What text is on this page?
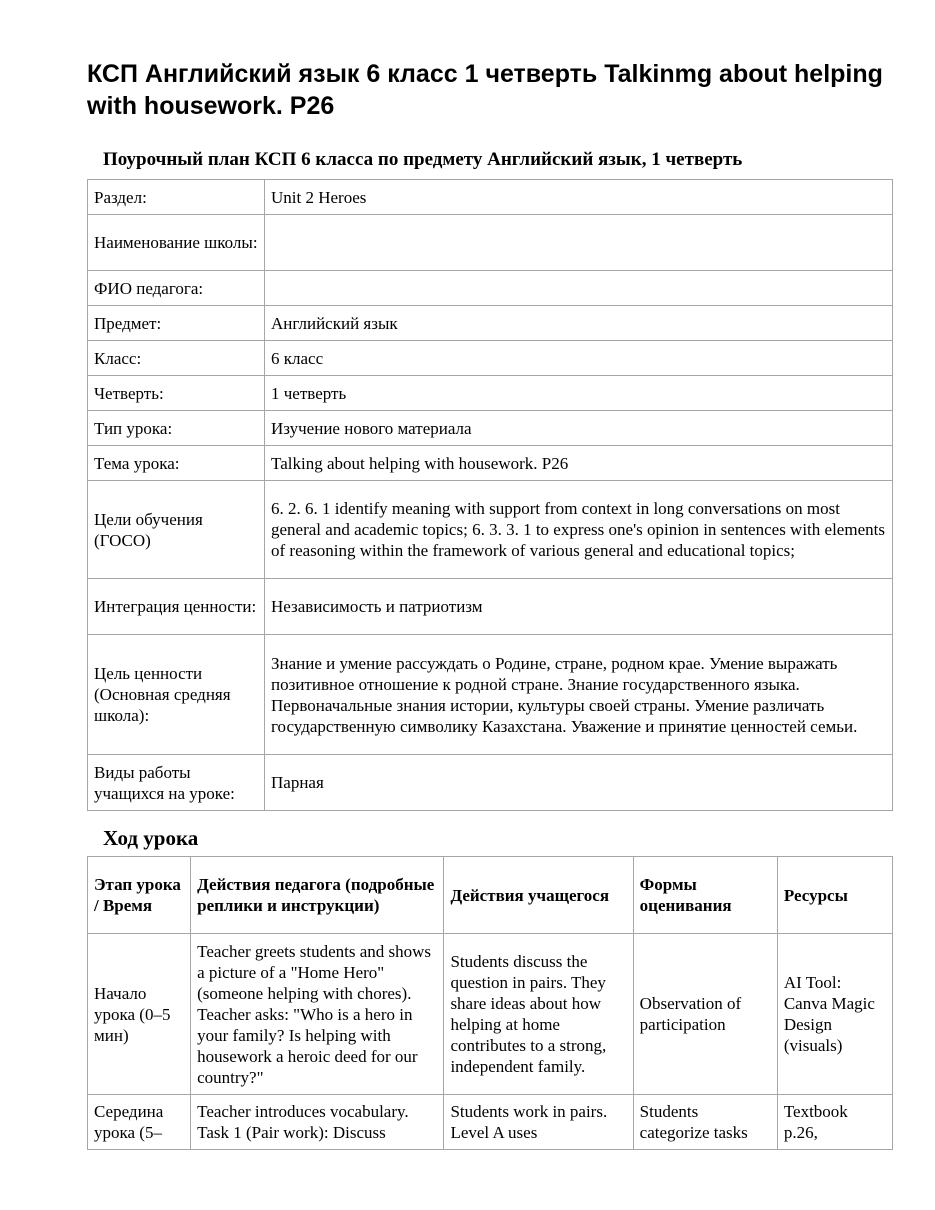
КСП Английский язык 6 класс 1 четверть Talkinmg about helping with housework. P26
Поурочный план КСП 6 класса по предмету Английский язык, 1 четверть
Раздел:	Unit 2 Heroes
Наименование школы:	
ФИО педагога:	
Предмет:	Английский язык
Класс:	6 класс
Четверть:	1 четверть
Тип урока:	Изучение нового материала
Тема урока:	Talking about helping with housework. P26
Цели обучения (ГОСО)	6. 2. 6. 1 identify meaning with support from context in long conversations on most general and academic topics; 6. 3. 3. 1 to express one's opinion in sentences with elements of reasoning within the framework of various general and educational topics;
Интеграция ценности:	Независимость и патриотизм
Цель ценности (Основная средняя школа):	Знание и умение рассуждать о Родине, стране, родном крае. Умение выражать позитивное отношение к родной стране. Знание государственного языка. Первоначальные знания истории, культуры своей страны. Умение различать государственную символику Казахстана. Уважение и принятие ценностей семьи.
Виды работы учащихся на уроке:	Парная
Ход урока
Этап урока / Время	Действия педагога (подробные реплики и инструкции)	Действия учащегося	Формы оценивания	Ресурсы
Начало урока (0–5 мин)	Teacher greets students and shows a picture of a "Home Hero" (someone helping with chores). Teacher asks: "Who is a hero in your family? Is helping with housework a heroic deed for our country?"	Students discuss the question in pairs. They share ideas about how helping at home contributes to a strong, independent family.	Observation of participation	AI Tool: Canva Magic Design (visuals)
Середина урока (5–	Teacher introduces vocabulary. Task 1 (Pair work): Discuss	Students work in pairs. Level A uses	Students categorize tasks	Textbook p.26,
